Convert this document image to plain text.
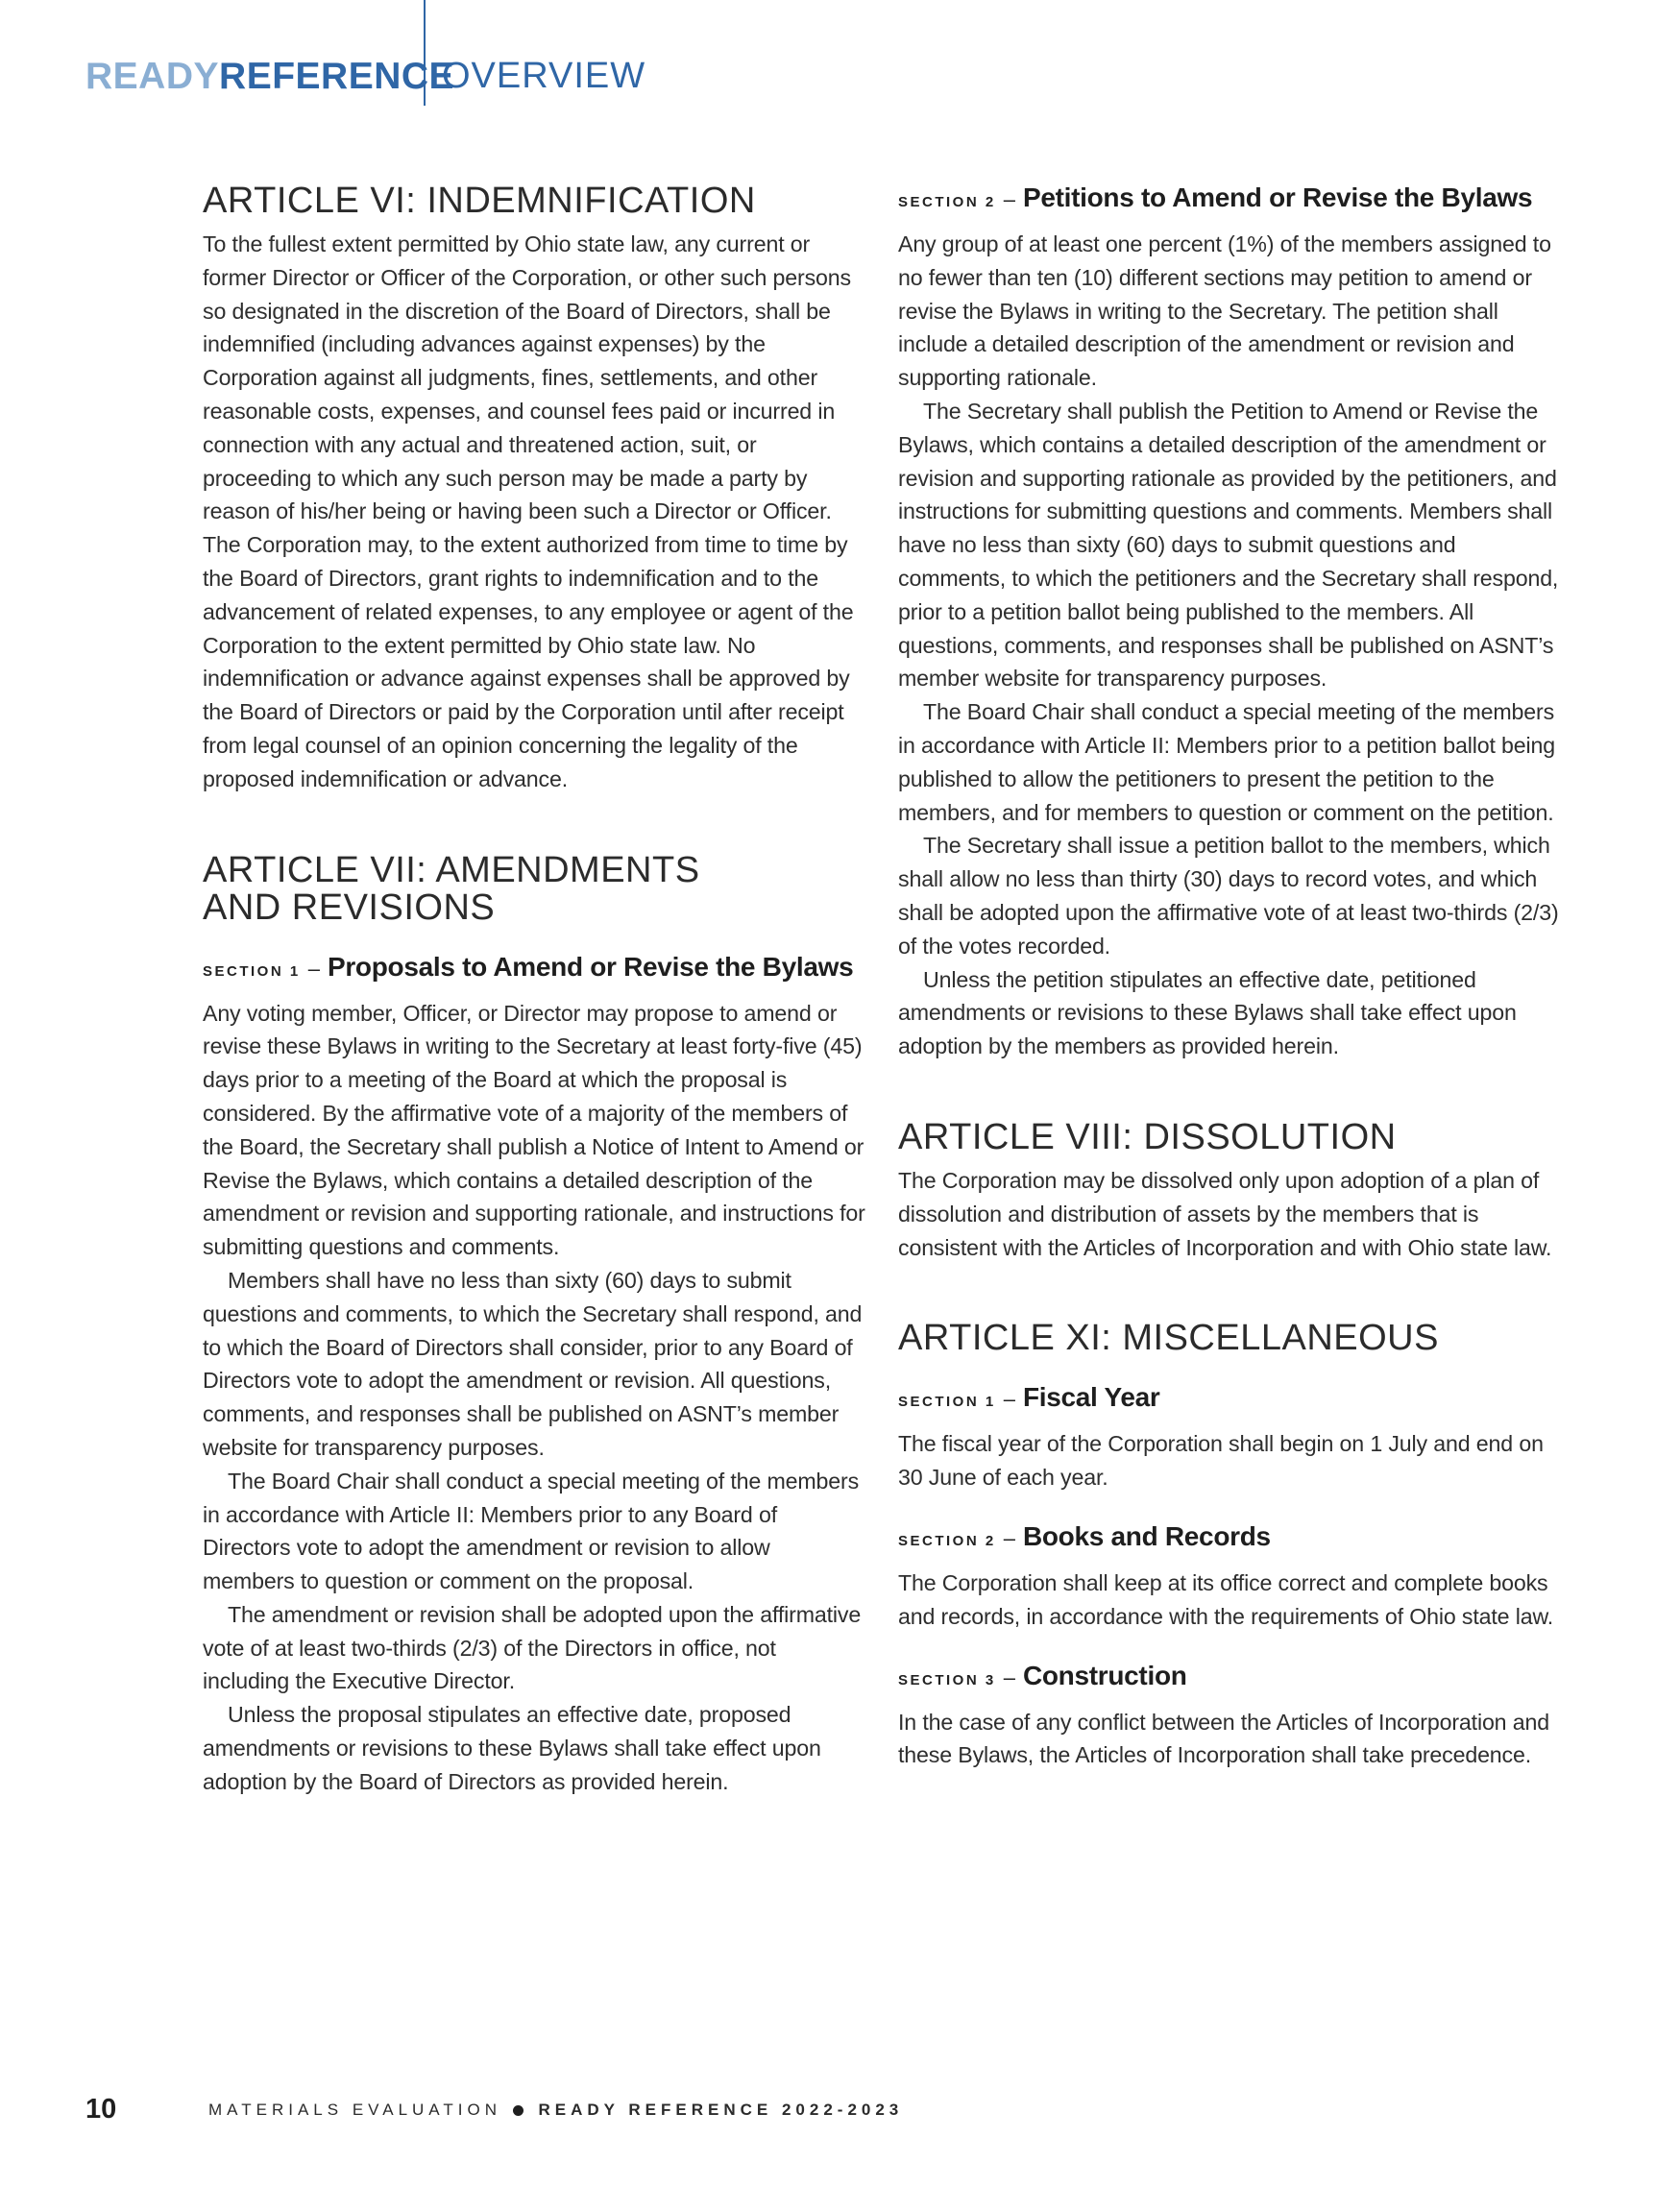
READYREFERENCE
OVERVIEW
ARTICLE VI: INDEMNIFICATION

To the fullest extent permitted by Ohio state law, any current or former Director or Officer of the Corporation, or other such persons so designated in the discretion of the Board of Directors, shall be indemnified (including advances against expenses) by the Corporation against all judgments, fines, settlements, and other reasonable costs, expenses, and counsel fees paid or incurred in connection with any actual and threatened action, suit, or proceeding to which any such person may be made a party by reason of his/her being or having been such a Director or Officer. The Corporation may, to the extent authorized from time to time by the Board of Directors, grant rights to indemnification and to the advancement of related expenses, to any employee or agent of the Corporation to the extent permitted by Ohio state law. No indemnification or advance against expenses shall be approved by the Board of Directors or paid by the Corporation until after receipt from legal counsel of an opinion concerning the legality of the proposed indemnification or advance.

ARTICLE VII: AMENDMENTS
AND REVISIONS
SECTION 1 – Proposals to Amend or Revise the Bylaws

Any voting member, Officer, or Director may propose to amend or revise these Bylaws in writing to the Secretary at least forty-five (45) days prior to a meeting of the Board at which the proposal is considered. By the affirmative vote of a majority of the members of the Board, the Secretary shall publish a Notice of Intent to Amend or Revise the Bylaws, which contains a detailed description of the amendment or revision and supporting rationale, and instructions for submitting questions and comments.

Members shall have no less than sixty (60) days to submit questions and comments, to which the Secretary shall respond, and to which the Board of Directors shall consider, prior to any Board of Directors vote to adopt the amendment or revision. All questions, comments, and responses shall be published on ASNT’s member website for transparency purposes.

The Board Chair shall conduct a special meeting of the members in accordance with Article II: Members prior to any Board of Directors vote to adopt the amendment or revision to allow members to question or comment on the proposal.

The amendment or revision shall be adopted upon the affirmative vote of at least two-thirds (2/3) of the Directors in office, not including the Executive Director.

Unless the proposal stipulates an effective date, proposed amendments or revisions to these Bylaws shall take effect upon adoption by the Board of Directors as provided herein.

SECTION 2 – Petitions to Amend or Revise the Bylaws

Any group of at least one percent (1%) of the members assigned to no fewer than ten (10) different sections may petition to amend or revise the Bylaws in writing to the Secretary. The petition shall include a detailed description of the amendment or revision and supporting rationale.

The Secretary shall publish the Petition to Amend or Revise the Bylaws, which contains a detailed description of the amendment or revision and supporting rationale as provided by the petitioners, and instructions for submitting questions and comments. Members shall have no less than sixty (60) days to submit questions and comments, to which the petitioners and the Secretary shall respond, prior to a petition ballot being published to the members. All questions, comments, and responses shall be published on ASNT’s member website for transparency purposes.

The Board Chair shall conduct a special meeting of the members in accordance with Article II: Members prior to a petition ballot being published to allow the petitioners to present the petition to the members, and for members to question or comment on the petition.

The Secretary shall issue a petition ballot to the members, which shall allow no less than thirty (30) days to record votes, and which shall be adopted upon the affirmative vote of at least two-thirds (2/3) of the votes recorded.

Unless the petition stipulates an effective date, petitioned amendments or revisions to these Bylaws shall take effect upon adoption by the members as provided herein.

ARTICLE VIII: DISSOLUTION

The Corporation may be dissolved only upon adoption of a plan of dissolution and distribution of assets by the members that is consistent with the Articles of Incorporation and with Ohio state law.

ARTICLE XI: MISCELLANEOUS
SECTION 1 – Fiscal Year

The fiscal year of the Corporation shall begin on 1 July and end on 30 June of each year.

SECTION 2 – Books and Records

The Corporation shall keep at its office correct and complete books and records, in accordance with the requirements of Ohio state law.

SECTION 3 – Construction

In the case of any conflict between the Articles of Incorporation and these Bylaws, the Articles of Incorporation shall take precedence.

10	MATERIALS EVALUATION READY REFERENCE 2022-2023
